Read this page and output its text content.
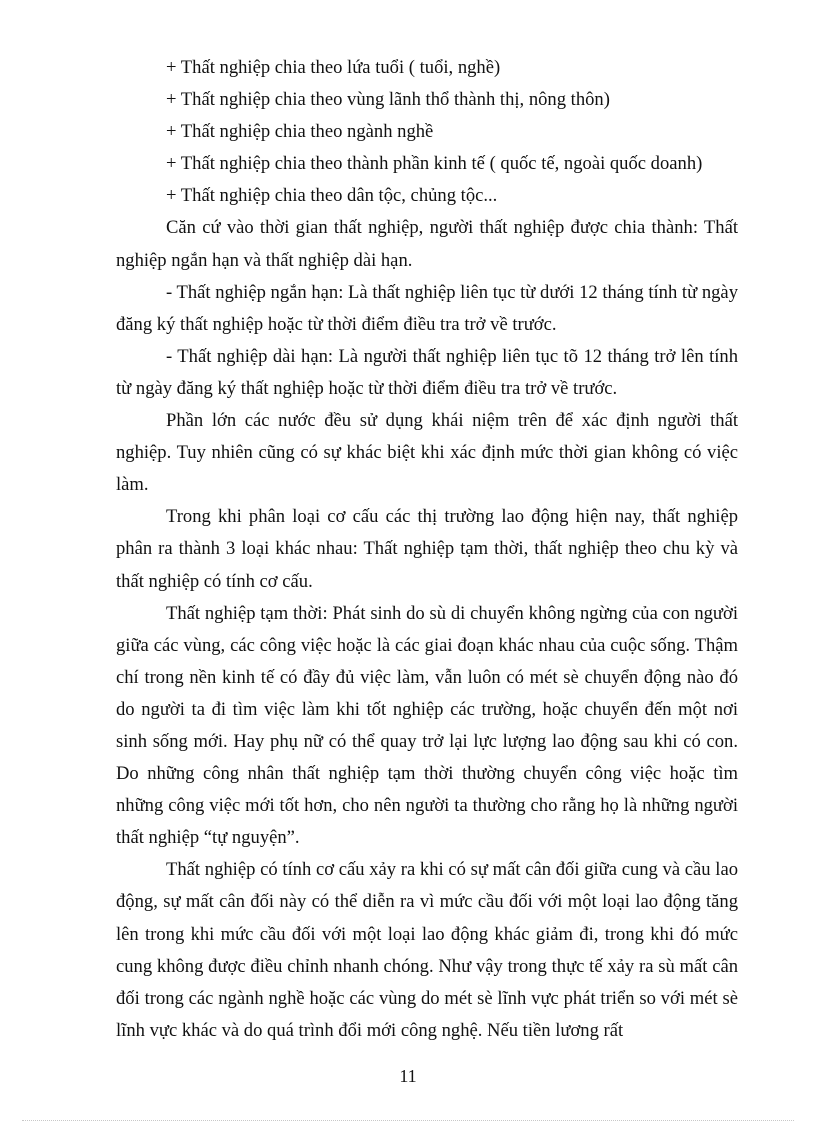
+ Thất nghiệp chia theo lứa tuổi ( tuổi, nghề)

+ Thất nghiệp chia theo vùng lãnh thổ thành thị, nông thôn)

+ Thất nghiệp chia theo ngành nghề

+ Thất nghiệp chia theo thành phần kinh tế ( quốc tế, ngoài quốc doanh)

+ Thất nghiệp chia theo dân tộc, chủng tộc...

Căn cứ vào thời gian thất nghiệp, người thất nghiệp được chia thành: Thất nghiệp ngắn hạn và thất nghiệp dài hạn.

- Thất nghiệp ngắn hạn: Là thất nghiệp liên tục từ dưới 12 tháng tính từ ngày đăng ký thất nghiệp hoặc từ thời điểm điều tra trở về trước.

- Thất nghiệp dài hạn: Là người thất nghiệp liên tục tõ 12 tháng trở lên tính từ ngày đăng ký thất nghiệp hoặc từ thời điểm điều tra trở về trước.

Phần lớn các nước đều sử dụng khái niệm trên để xác định người thất nghiệp. Tuy nhiên cũng có sự khác biệt khi xác định mức thời gian không có việc làm.

Trong khi phân loại cơ cấu các thị trường lao động hiện nay, thất nghiệp phân ra thành 3 loại khác nhau: Thất nghiệp tạm thời, thất nghiệp theo chu kỳ và thất nghiệp có tính cơ cấu.

Thất nghiệp tạm thời: Phát sinh do sù di chuyển không ngừng của con người giữa các vùng, các công việc hoặc là các giai đoạn khác nhau của cuộc sống. Thậm chí trong nền kinh tế có đầy đủ việc làm, vẫn luôn có mét sè chuyển động nào đó do người ta đi tìm việc làm khi tốt nghiệp các trường, hoặc chuyển đến một nơi sinh sống mới. Hay phụ nữ có thể quay trở lại lực lượng lao động sau khi có con. Do những công nhân thất nghiệp tạm thời thường chuyển công việc hoặc tìm những công việc mới tốt hơn, cho nên người ta thường cho rằng họ là những người thất nghiệp “tự nguyện”.

Thất nghiệp có tính cơ cấu xảy ra khi có sự mất cân đối giữa cung và cầu lao động, sự mất cân đối này có thể diễn ra vì mức cầu đối với một loại lao động tăng lên trong khi mức cầu đối với một loại lao động khác giảm đi, trong khi đó mức cung không được điều chỉnh nhanh chóng. Như vậy trong thực tế xảy ra sù mất cân đối trong các ngành nghề hoặc các vùng do mét sè lĩnh vực phát triển so với mét sè lĩnh vực khác và do quá trình đổi mới công nghệ. Nếu tiền lương rất

11
